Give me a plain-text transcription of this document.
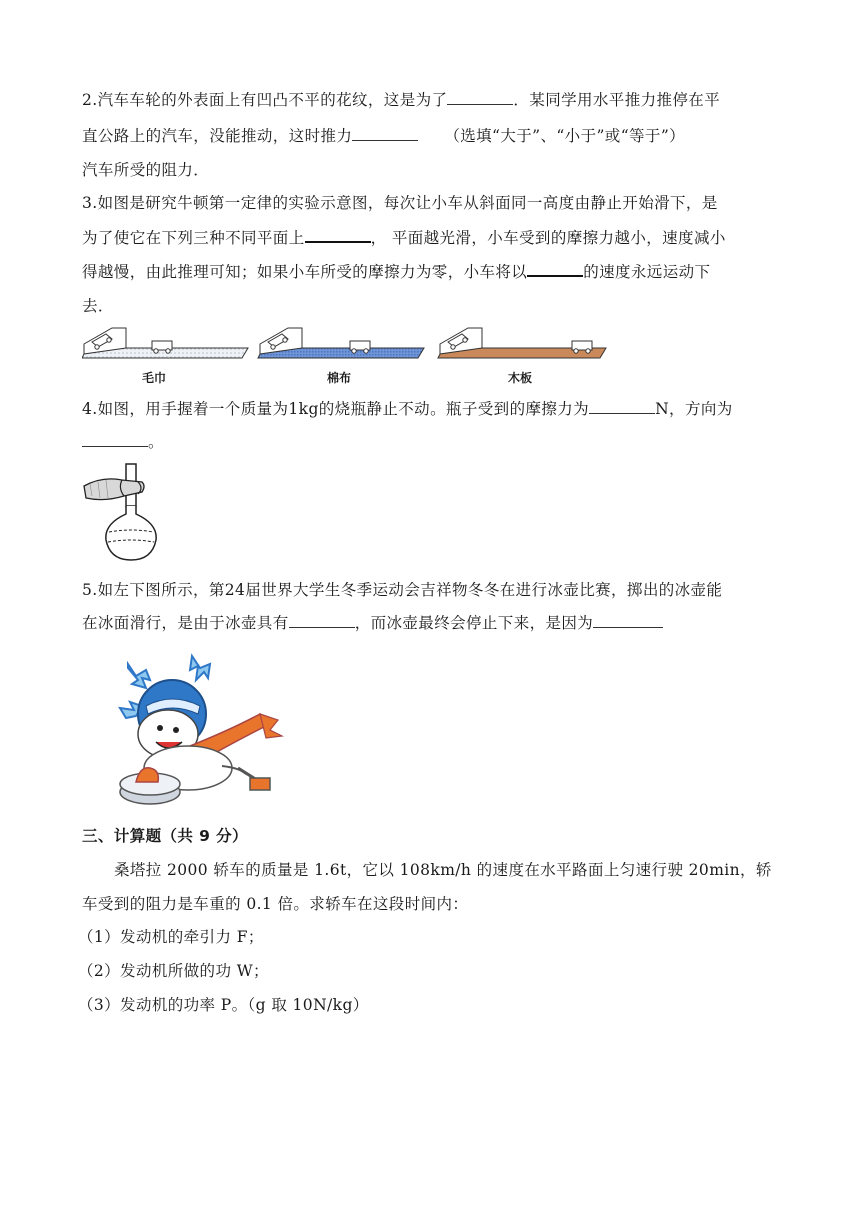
2.汽车车轮的外表面上有凹凸不平的花纹，这是为了	．某同学用水平推力推停在平
直公路上的汽车，没能推动，这时推力	（选填“大于”、“小于”或“等于”）
汽车所受的阻力．
3.如图是研究牛顿第一定律的实验示意图，每次让小车从斜面同一高度由静止开始滑下，是
为了使它在下列三种不同平面上	， 平面越光滑，小车受到的摩擦力越小，速度减小
得越慢，由此推理可知；如果小车所受的摩擦力为零，小车将以	的速度永远运动下
去．
毛巾	棉布	木板
4.如图，用手握着一个质量为1kg的烧瓶静止不动。瓶子受到的摩擦力为	N，方向为
。
5.如左下图所示，第24届世界大学生冬季运动会吉祥物冬冬在进行冰壶比赛，掷出的冰壶能
在冰面滑行，是由于冰壶具有	，而冰壶最终会停止下来，是因为
三、计算题（共 9 分）
桑塔拉 2000 轿车的质量是 1.6t，它以 108km/h 的速度在水平路面上匀速行驶 20min，轿
车受到的阻力是车重的 0.1 倍。求轿车在这段时间内：
（1）发动机的牵引力 F；
（2）发动机所做的功 W；
（3）发动机的功率 P。（g 取 10N/kg）
